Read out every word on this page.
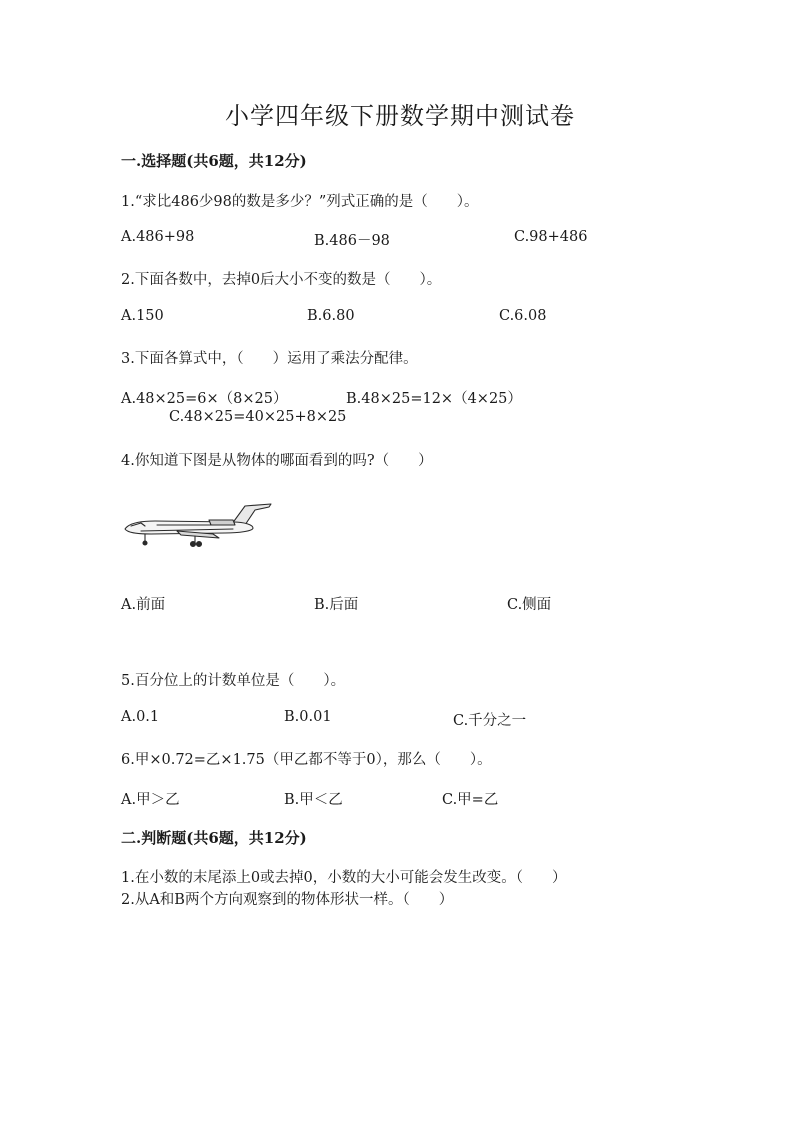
小学四年级下册数学期中测试卷
一.选择题(共6题，共12分)
1.“求比486少98的数是多少？”列式正确的是（　　）。
A.486+98	B.486－98	C.98+486
2.下面各数中，去掉0后大小不变的数是（　　）。
A.150	B.6.80	C.6.08
3.下面各算式中，（　　）运用了乘法分配律。
A.48×25=6×（8×25）	B.48×25=12×（4×25）
C.48×25=40×25+8×25
4.你知道下图是从物体的哪面看到的吗?（　　）
A.前面	B.后面	C.侧面
5.百分位上的计数单位是（　　）。
A.0.1	B.0.01	C.千分之一
6.甲×0.72=乙×1.75（甲乙都不等于0），那么（　　）。
A.甲＞乙	B.甲＜乙	C.甲=乙
二.判断题(共6题，共12分)
1.在小数的末尾添上0或去掉0，小数的大小可能会发生改变。（　　）
2.从A和B两个方向观察到的物体形状一样。（　　）
